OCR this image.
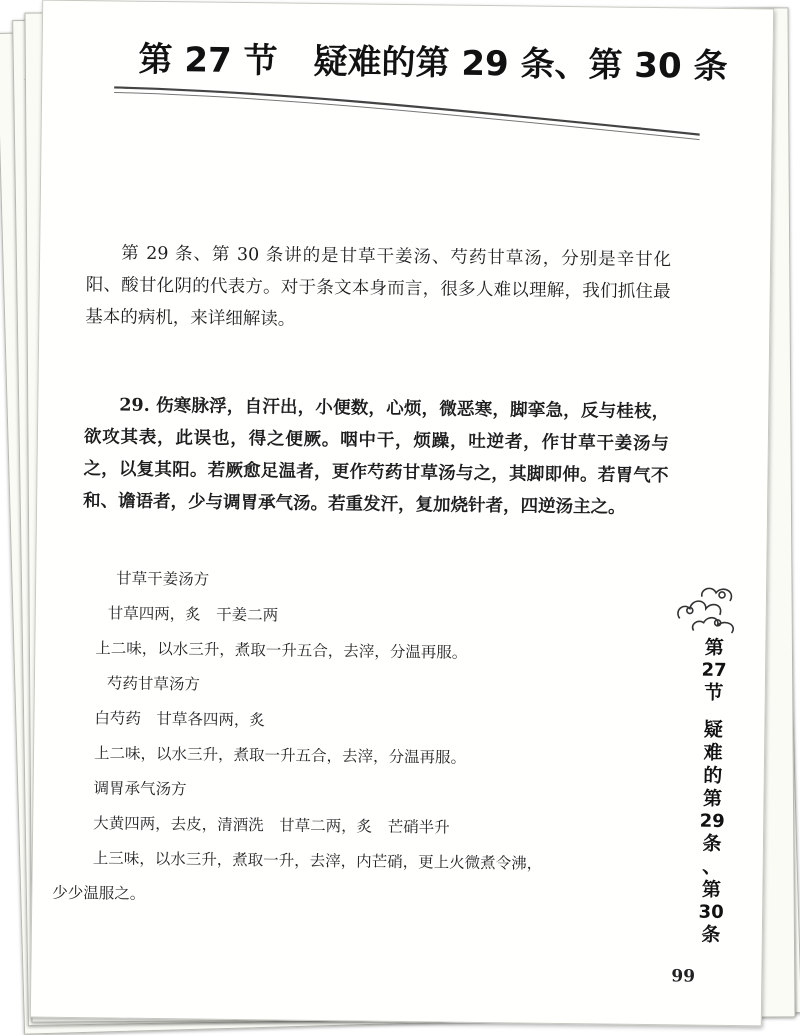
第 27 节 疑难的第 29 条、第 30 条

第 29 条、第 30 条讲的是甘草干姜汤、芍药甘草汤，分别是辛甘化阳、酸甘化阴的代表方。对于条文本身而言，很多人难以理解，我们抓住最基本的病机，来详细解读。

29. 伤寒脉浮，自汗出，小便数，心烦，微恶寒，脚挛急，反与桂枝，欲攻其表，此误也，得之便厥。咽中干，烦躁，吐逆者，作甘草干姜汤与之，以复其阳。若厥愈足温者，更作芍药甘草汤与之，其脚即伸。若胃气不和、谵语者，少与调胃承气汤。若重发汗，复加烧针者，四逆汤主之。

甘草干姜汤方
甘草四两，炙　干姜二两
上二味，以水三升，煮取一升五合，去滓，分温再服。
芍药甘草汤方
白芍药　甘草各四两，炙
上二味，以水三升，煮取一升五合，去滓，分温再服。
调胃承气汤方
大黄四两，去皮，清酒洗　甘草二两，炙　芒硝半升
上三味，以水三升，煮取一升，去滓，内芒硝，更上火微煮令沸，
少少温服之。
第
27
节
疑
难
的
第
29
条
、
第
30
条
99
